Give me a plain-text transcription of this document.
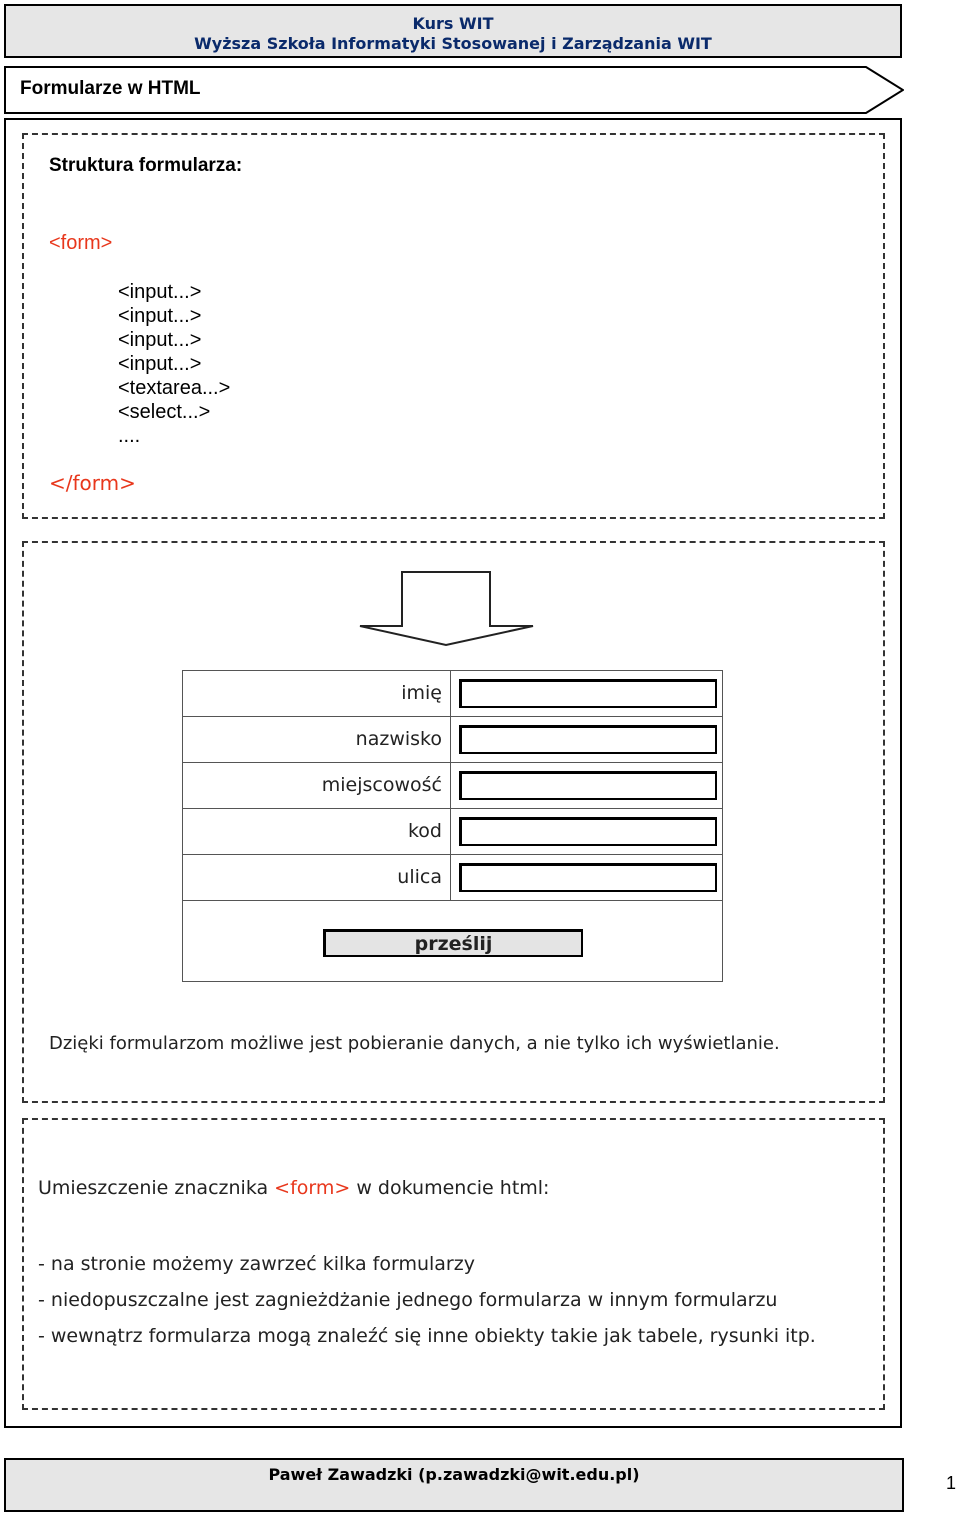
Kurs WIT
Wyższa Szkoła Informatyki Stosowanej i Zarządzania WIT
Formularze w HTML
Struktura formularza:
<form>
<input...>
<input...>
<input...>
<input...>
<textarea...>
<select...>
....
</form>
imię
nazwisko
miejscowość
kod
ulica
prześlij
Dzięki formularzom możliwe jest pobieranie danych, a nie tylko ich wyświetlanie.
Umieszczenie znacznika <form> w dokumencie html:
- na stronie możemy zawrzeć kilka formularzy
- niedopuszczalne jest zagnieżdżanie jednego formularza w innym formularzu
- wewnątrz formularza mogą znaleźć się inne obiekty takie jak tabele, rysunki itp.
Paweł Zawadzki (p.zawadzki@wit.edu.pl)	1
